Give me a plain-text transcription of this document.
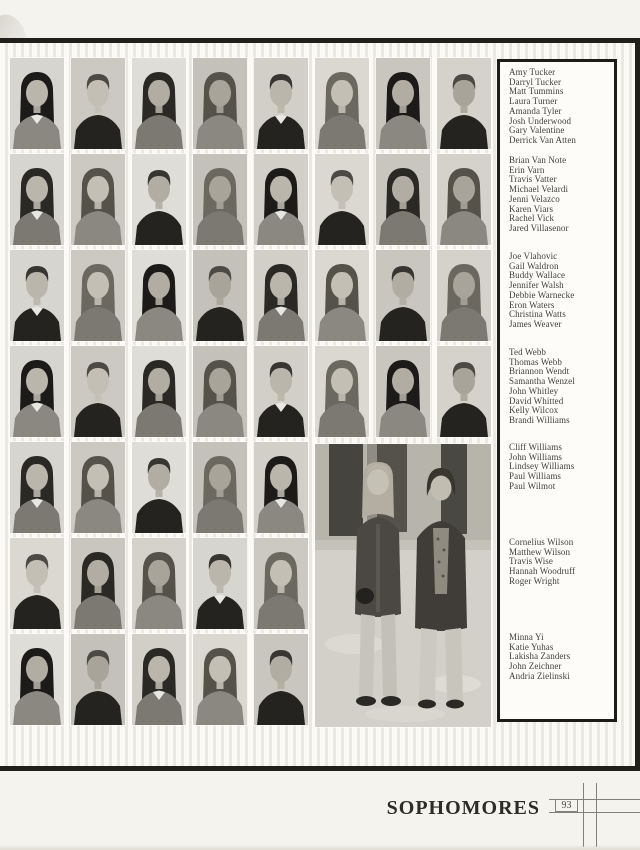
Amy Tucker
Darryl Tucker
Matt Tummins
Laura Turner
Amanda Tyler
Josh Underwood
Gary Valentine
Derrick Van Atten
Brian Van Note
Erin Varn
Travis Vatter
Michael Velardi
Jenni Velazco
Karen Viars
Rachel Vick
Jared Villasenor
Joe Vlahovic
Gail Waldron
Buddy Wallace
Jennifer Walsh
Debbie Warnecke
Eron Waters
Christina Watts
James Weaver
Ted Webb
Thomas Webb
Briannon Wendt
Samantha Wenzel
John Whitley
David Whitted
Kelly Wilcox
Brandi Williams
Cliff Williams
John Williams
Lindsey Williams
Paul Williams
Paul Wilmot
Cornelius Wilson
Matthew Wilson
Travis Wise
Hannah Woodruff
Roger Wright
Minna Yi
Katie Yuhas
Lakisha Zanders
John Zeichner
Andria Zielinski
SOPHOMORES	93
